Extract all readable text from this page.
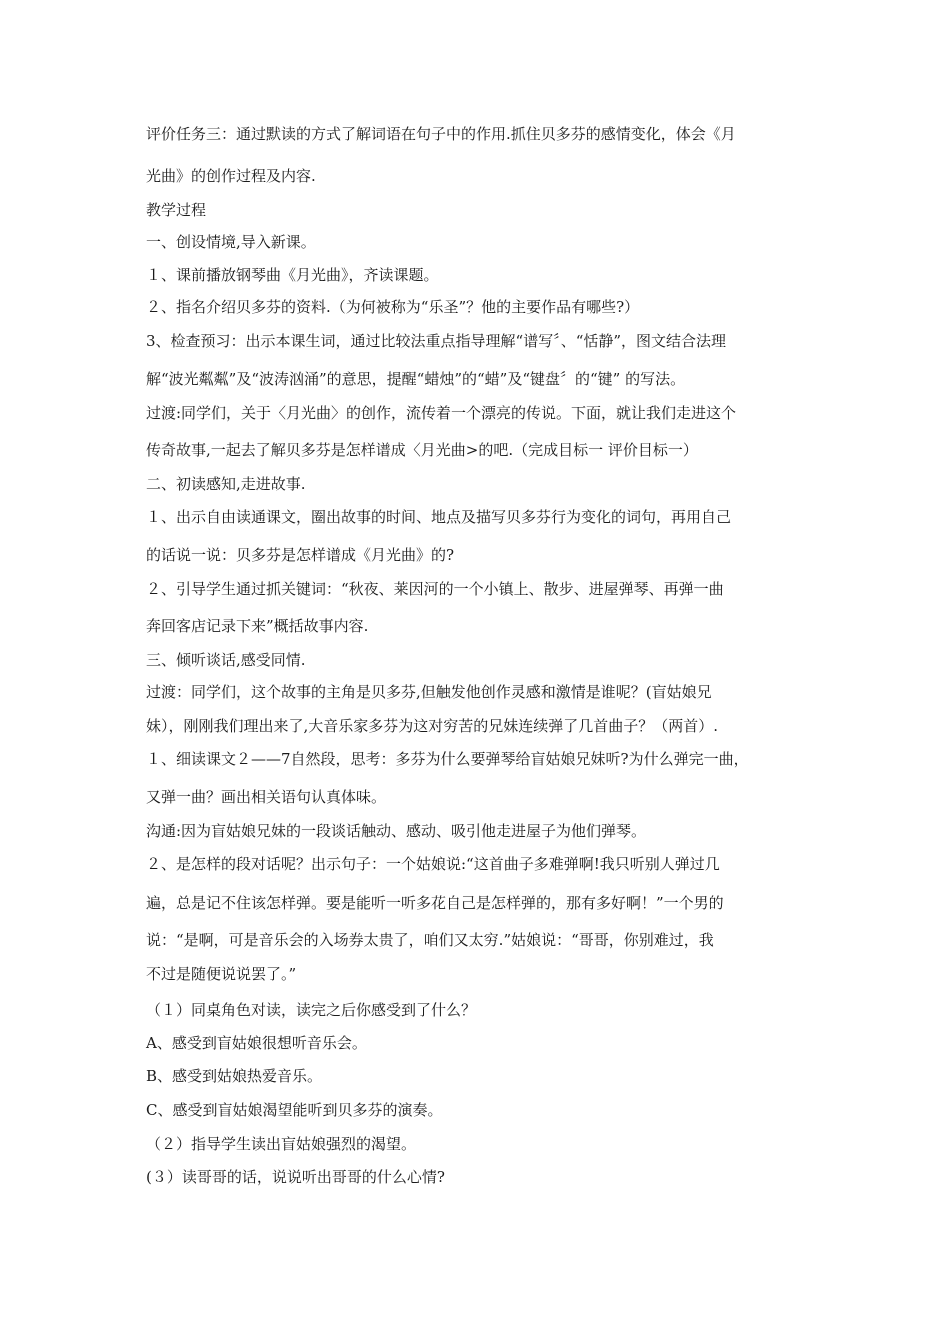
评价任务三：通过默读的方式了解词语在句子中的作用.抓住贝多芬的感情变化，体会《月

光曲》的创作过程及内容.

教学过程

一、创设情境,导入新课。

１、课前播放钢琴曲《月光曲》，齐读课题。

２、指名介绍贝多芬的资料.（为何被称为“乐圣”？他的主要作品有哪些?）

3、检查预习：出示本课生词，通过比较法重点指导理解“谱写〞、“恬静”，图文结合法理

解“波光粼粼”及“波涛汹涌”的意思，提醒“蜡烛”的“蜡”及“键盘〞的“键” 的写法。

过渡:同学们，关于〈月光曲〉的创作，流传着一个漂亮的传说。下面，就让我们走进这个

传奇故事,一起去了解贝多芬是怎样谱成〈月光曲>的吧.（完成目标一 评价目标一）

二、初读感知,走进故事.

１、出示自由读通课文，圈出故事的时间、地点及描写贝多芬行为变化的词句，再用自己

的话说一说：贝多芬是怎样谱成《月光曲》的?

２、引导学生通过抓关键词：“秋夜、莱因河的一个小镇上、散步、进屋弹琴、再弹一曲

奔回客店记录下来”概括故事内容.

三、倾听谈话,感受同情.

过渡：同学们，这个故事的主角是贝多芬,但触发他创作灵感和激情是谁呢？(盲姑娘兄

妹），刚刚我们理出来了,大音乐家多芬为这对穷苦的兄妹连续弹了几首曲子？（两首）.

１、细读课文２——7自然段，思考：多芬为什么要弹琴给盲姑娘兄妹听?为什么弹完一曲，

又弹一曲？画出相关语句认真体味。

沟通:因为盲姑娘兄妹的一段谈话触动、感动、吸引他走进屋子为他们弹琴。

２、是怎样的段对话呢？出示句子：一个姑娘说:“这首曲子多难弹啊!我只听别人弹过几

遍，总是记不住该怎样弹。要是能听一听多花自己是怎样弹的，那有多好啊！”一个男的

说：“是啊，可是音乐会的入场券太贵了，咱们又太穷.”姑娘说：“哥哥，你别难过，我

不过是随便说说罢了。”

（１）同桌角色对读，读完之后你感受到了什么？

A、感受到盲姑娘很想听音乐会。

B、感受到姑娘热爱音乐。

C、感受到盲姑娘渴望能听到贝多芬的演奏。

（２）指导学生读出盲姑娘强烈的渴望。

(３）读哥哥的话，说说听出哥哥的什么心情?
